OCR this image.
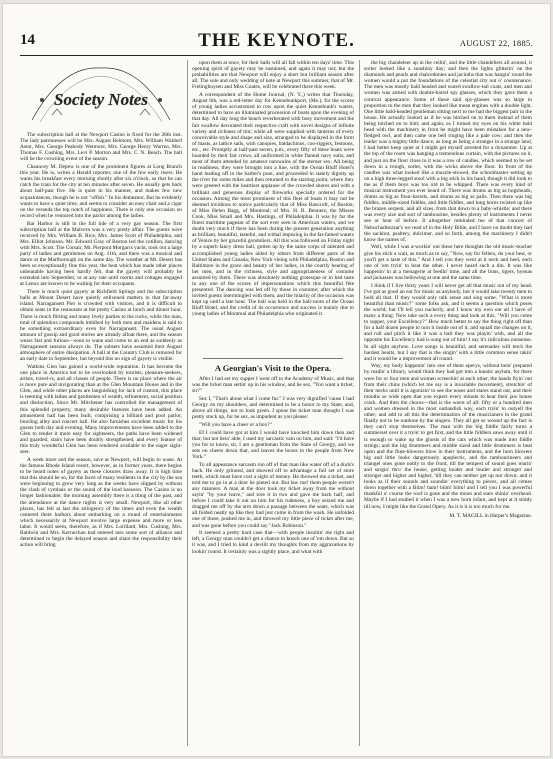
14	THE KEYNOTE.	AUGUST 22, 1885.
Society Notes

The subscription ball at the Newport Casino is fixed for the 28th inst. The lady patronesses will be Mrs. August Belmont, Mrs. William Waldorf Astor, Mrs. George Peabody Wetmore, Mrs. George Henry Warren, Mrs. Thomas F. Cushing, Mrs. Levi P. Morton and Mrs. C. N. Beach. The ball will be the crowning event of the season.

Chauncey M. Depew is one of the prominent figures at Long Branch this year. He is, writes a Herald reporter, one of the few early risers. He wants his breakfast every morning shortly after six o'clock, so that he can catch the train for the city at ten minutes after seven. He usually gets back about half-past five. He is quiet in his manner, and makes few new acquaintances, though he is not "offish." In his demeanor. But he evidently wants to have a quiet time, and seems to consider an easy chair and a cigar on the veranda the top notch of happiness. There is only one occasion on record when he ventured into the parlor among the ladies.

Bar Harbor is still in the full tide of a very gay season. The first subscription ball at the Malvern was a very pretty affair. The guests were received by Mrs. William B. Rice, Mrs. James Scott of Philadelphia, and Mrs. Elliot Johnson. Mr. Edward Gray of Boston led the cotillon, dancing with Mrs. Scott. The Corsair, Mr. Pierpont Morgan's yacht, took out a large party of ladies and gentlemen on Aug. 11th, and there was a musical and dance at the Marlborough on the same day. The weather at Mt. Desert has been so exceptionally fine this year, the heat which has made other places unbearable having been hardly felt, that the gayety will probably be extended into September, or at any rate until rooms and cottages engaged at Lenox are known to be waiting for their occupants.

There is much quiet gayety at Richfield Springs and the subscription balls at Mount Desert have quietly enlivened matters in that far-away island. Narragansett Pier is crowded with visitors, and it is difficult to obtain seats in the restaurant at the pretty Casino at lunch and dinner hour. There is much flirting and many lively parties to the rocks, while the man, total of splendors compounds imbibed by both men and maidens is said to be something extraordinary even for Narragansett. The usual August amount of gossip and good stories are already afloat there, and the season wears fast and furious—soon to wane and come to an end as suddenly as Narragansett seasons always do. The subsets have assumed their August atmosphere of entire dissipation. A ball at the Country Club is rumored for an early date in September, but beyond this no sign of gayety is visible.

Watkins Glen has gained a world-wide reputation. It has become the one place in America not to be overlooked by tourists, pleasure-seekers, artists, travel-rs, and all classes of people. There is no place where the air is more pure and invigorating than at the Glen Mountain House and in the Glen, and while other places are languishing for lack of custom, this place is teeming with ladies and gentlemen of wealth, refinement, social position and distinction. Since Mr. Mitchener has controlled the management of this splendid property, many desirable features have been added. An amusement hall has been built, comprising a billiard and pool parlor, bowling alley and concert hall. He also furnishes excellent music for his guests both day and evening. Many improvements have been added to the Glen to render it more easy for sightseers, the paths have been widened and guarded, stairs have been doubly strengthened, and every feature of this truly wonderful Glen has been rendered available to the eager sight-seer.

A week more and the season, save at Newport, will begin to wane. At the famous Rhode Island resort, however, as in former years, there begins to be heard notes of gayety as these closures draw away. It is high time that this should be so, for the faces of many residents in the city by the sea were beginning to grow very long as the weeks have slipped by without the clash of cymbals or the sound of the loud bassoon. The Casino is no longer fashionable; the morning assembly there is a thing of the past, and the attendance at the dance nights is very small. Newport, like all other places, has felt at last the stringency of the times and even the wealth centered there harbors about embarking on a round of entertainments which necessarily at Newport involve large expense and more or less labor. It would seem, therefore, as if Mrs. Lorillard, Mrs. Cushing, Mrs. Baldwin and Mrs. Kernochan had entered into some sort of alliance and determined to begin the delayed season and share the responsibility their action will bring

upon them at once, for their balls will all fall within ten days' time. This opening spirit of gayety may be sustained, and again it may not; but the probabilities are that Newport will enjoy a short but brilliant season after all. The sole and only wedding of note at Newport this summer, that of Mr. Frelinghuysen and Miss Coates, will be celebrated there this week.

A correspondent of the Home Journal, (N. Y.,) writes that Thursday, August 6th, was a red-letter day for Kennebunkport, (Me.), for the scores of young ladies accustomed to row upon the quiet Kennebunk's waters, determined to have an illuminated procession of boats upon the evening of that day. All day long the beach reverberated with busy movement and the fair swallow decorated their respective craft with novel designs of infinite variety and richness of tint; while all were supplied with lanterns of every conceivable style and shape and size, arranged to be displayed in the form of masts, as lattice sails, with canopies, baldachinos, coo-riggers, festoons, etc., etc. Promptly at half-past seven, p.m., every fifty of these boats were boarded by their fair crews, all uniformed in white flannel navy suits; and most of them attended by amateur oarswains of the sterner sex. All being in readiness, they were brought into a line, with the Ocean Bluff Hotel's band leading off in the barber's punt, and proceeded in stately dignity up the river for some miles and then returned to the starting point, where they were greeted with the heartiest applause of the crowded shores and with a brilliant and generous display of fireworks specially ordered for the occasion. Among the most prominent of this fleet of boats it may not be deemed invidious to notice particularly that of Miss Bancroft, of Boston; of Miss Helen Bagg, of Montreal; of Mrs. H. B. Benners, the Misses Cook, Miss Small and Mrs. Hastings, of Philadelphia. It was by far the finest maritime pageant of the sort ever seen in American waters, and we doubt very much if there has been during the present generation anything as brilliant, beautiful, tasteful, and withal imposing in the far-famed waters of Venice by her graceful gondoliers. All this was followed on Friday night by a superb fancy dress ball, gotten up by the same corps of talented and accomplished young ladies aided by others from different parts of the United States and Canada; New York vieing with Philadelphia, Boston and Baltimore in the grace and beauty of her ladies, in the courtly bearing of her men, and in the richness, style and appropriateness of costume assumed by them. There was absolutely nothing grotesque or in bad taste in any one of the scores of impersonations which this beautiful fête presented. The dancing was led off by those in costume; after which the invited guests intermingled with them, and the hilarity of the occasion was kept up until a late hour. The ball was held in the ball-room of the Ocean Bluff Hotel, and the credit of its occurrence and success is mainly due to young ladies of Montreal and Philadelphia who originated it.

A Georgian's Visit to the Opera.

After I had set my supper I went off to the Academy of Music, and that was the ticket man settin' up in his window, and he sez, "You want a ticket, sir?"

Sez I, "That's about what I come fur." I was very dignified 'cause I had Georgy on my shoulders, and determined to be a honor to my State, and, above all things, not to look green. I spose the ticket man thought I was pretty stuck up, fur he sez, as impudent as you please:

"Will you have a cheer or a box?"

Ef I could have got at him I would have knocked him down then and thar; but not bein' able, I used my sarcastic vain on him, and said: "I'd have you for to know, sir, I am a gentleman from the State of Georgy, and we sets on cheers down thar, and leaves the boxes to the people from New York."

To all appearance sarcasm run off of that man like water off of a duck's back. He only grinned, and showed off to advantage a full set of store teeth, which must have cost a sight of money. He throwed me a ticket, and told me to go in at a door he pinted out. But law me! them people weren't any manners. A man at the door took my ticket away from me without sayin' "by your leave," and tore it in two and gave me back half, and before I could take it out on him for his rudeness, a boy seized me and dragged me off by the arm down a passage between the seats, which was all folded neatly up like they had just come in from the wash. He unfolded one of these, pushed me in, and throwed my little piece of ticket after me, and was gone before you could say "Jack Robinson."

It seemed a pretty hard case that—with people insultin' me right and left, a Georgy man couldn't get a chance to knock one of 'em down. But so it was, and I tried to kind a devilit my thoughts from my aggravations by lookin' round. It certainly was a sightly place, and what with

the big chandeleer up in the ceilin', and the little chandeliers all around, it sorter looked like a sunshiny day; and then the lights glitterin' on the diamonds and pearls and chalcedonies and jacinths that was hangin' round the women would a put the foundations of the celestial city out o' countenance. The men was mostly bald headed and wared swallow-tail coats, and men and women was armed with double-barrel spy glasses, which they gave them a comical appearance. Some of these said spy-glasses was so large in proportion to the men that they looked like mean engines with a double light. One little bald-headed gentleman sitting next to me had the biggest pair in the house. He actually looked as if he was hitched on to them instead of them being hitched on to him; and again, as I turned my eyes on his white bald head with the machinery in front he might have been mistaken for a new-fledged owl, and then came one bell ringing like a pale cow; and then the leader was a mighty little dance, as long as being a stranger in a strange land, I had better keep quiet or I might get myself arrested for a dynamiter. Up at the top of the room was hanging a tremendous curtain, with the pictures on it, and just on the floor close to it was a row of candles, which seemed to be set down in a trough, sorter, with the wicks above the floor. In front of the candles was what looked like a muzzle-stowed, the schoolmaster setting up on a high three-legged stool with a big stick in his hand, though it did look to me as if them boys was too old to be whipped. There was every kind of musical instrument you ever heard of. There was drums as big as hogsheads, drums as big as flour-barrels, and drums as big as pails. Then there was big fiddles, middle-sized fiddles, and little fiddles, and long horns twisted up like the brazen serpent, and all sizes, from that down to a baby-whistle; and there was every size and sort of tambourine, besides plenty of instruments I never see or hear of before. It altogether reminded me of that concert of Nebuchadnezzar's we read of in the Holy Bible, and I have no doubt they had the sackbut, psaltery, dulcimer, and so forth, among the machinery I didn't know the names of.

Well, while I was a-workin' out these here thoughts the old music-teacher give his stick a wait, as much as to say, "Now, say fur fellers, do your best, or you'll get a taste of this." And I tell you they went at it neck and heel, each one of 'em tryin' to beat the other. I never heard such a din. It was like happenin' in at a menagerie at feedin' time, and all the lions, tigers, hyenas and jackasses was bellowing at one and the same time.

I think if I live thirty years I will never get all that music out of my head. I've got as good an ear for music as anybody, but it would take twenty men to hold all that. If they would only talk sense and sing some. "What is more beautiful than music?" some folks ask, and it seems a question which poses the world; but I'll tell you nacherly, and I know my own ear all I have of many a thing: Now take such a every thing and look at this, "Will you come to supper, your Excellency?" How much better to say the thing right off than for a half dozen people to turn it inside out of it, and squall the changes on it, and roll and pitch it like it was a ball they was playin' with, and all the opposite his Excellency had is sung out of him! I say it's ridiculous nonsense. In all sight anyhow. Love songs is beautiful, and serenades will tetch the hardest hearts, but I say that is the singin' with a little common sense takin' and it would be a improvement all round.

Way, my body happenin' into one of them operys, without bein' prepared by readin' a library, would think they had got into a lunatic asylum, for there were for or four men and women screechin' at each other, the hands flyin' out from their chins (which let me say is a invariable movement), stretchin' of their necks until it is agonizin' to see the noses and stares stand out, and their mouths so wide open that you expect every minute to hear their jaw bones crack. And then the chorus—that is the worst of all: fifty or a hundred men and women dressed in the most outlandish way, each tryin' to outyell the other; and add to all this the determination of the musicianers in the grand finally not to be outdone by the singers. They all get so wound up the fact is they can't stop themselves. The man with the big fiddle fairly turns a summerset over it a tryin' to get first, and the little fiddlers saws away until it is enough to wake up the ghosts of the cats which was made into fiddle strings; and the big drummers and middle sized and little drummers is beat upon and the flute-blowers blow in their instruments, and the horn blowers big and little looks dangerously apoplectic, and the tambourineers and triangel ones gone nobly to the front, till the tempest of sound goes rearin' and surgin' thro' the house, getting louder and louder and stronger and stronger and higher and higher, 'till they can neither get up nor down; and it looks as if their sounds and soundin' everything to pieces, and all comes down together with a Biim! bam! biim! biim! and I tell you I was powerful thankful o' course the roof is gone and the moon and stars shinin' overhead. Maybe if I had studied it when I was a new born infant, and kept at it stiddy till now, I might like the Grand Opery. As it is it is too much for me.

M. T. MAGILL in Harper's Magazine.
